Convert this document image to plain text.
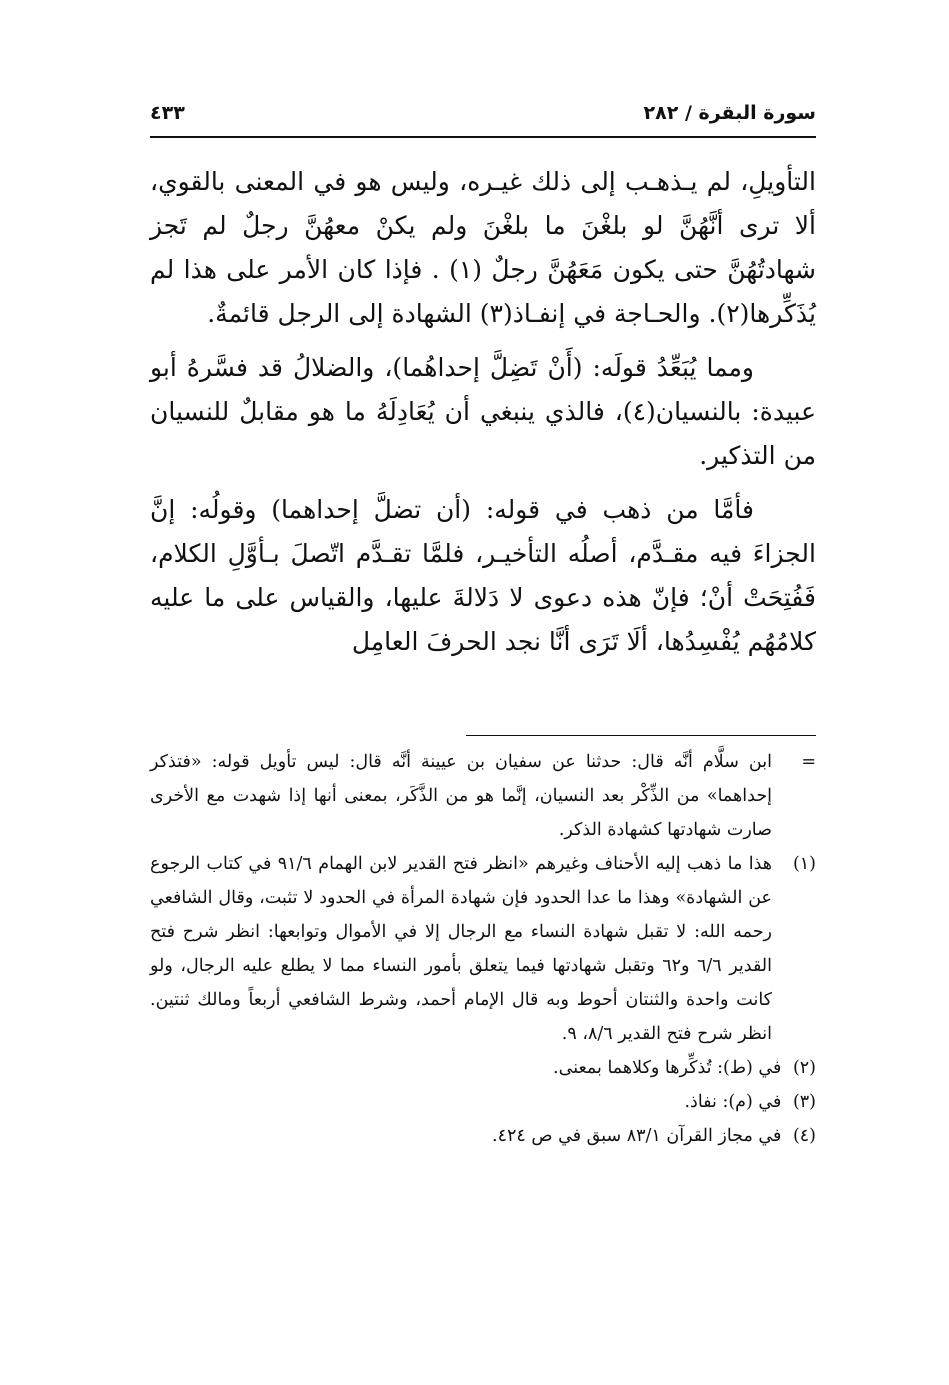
سورة البقرة / ٢٨٢
٤٣٣

التأويلِ، لم يـذهـب إلى ذلك غيـره، وليس هو في المعنى بالقوي، ألا ترى أنَّهُنَّ لو بلغْنَ ما بلغْنَ ولم يكنْ معهُنَّ رجلٌ لم تَجز شهادتُهُنَّ حتى يكون مَعَهُنَّ رجلٌ (١) . فإذا كان الأمر على هذا لم يُذَكِّرها(٢). والحـاجة في إنفـاذ(٣) الشهادة إلى الرجل قائمةٌ.

ومما يُبَعِّدُ قولَه: (أَنْ تَضِلَّ إحداهُما)، والضلالُ قد فسَّرهُ أبو عبيدة: بالنسيان(٤)، فالذي ينبغي أن يُعَادِلَهُ ما هو مقابلٌ للنسيان من التذكير.

فأمَّا من ذهب في قوله: (أن تضلَّ إحداهما) وقولُه: إنَّ الجزاءَ فيه مقـدَّم، أصلُه التأخيـر، فلمَّا تقـدَّم اتّصلَ بـأوَّلِ الكلام، فَفُتِحَتْ أنْ؛ فإنّ هذه دعوى لا دَلالةَ عليها، والقياس على ما عليه كلامُهُم يُفْسِدُها، ألَا تَرَى أنَّا نجد الحرفَ العامِل

=
ابن سلَّام أنَّه قال: حدثنا عن سفيان بن عيينة أنَّه قال: ليس تأويل قوله: «فتذكر إحداهما» من الذِّكْر بعد النسيان، إنَّما هو من الذَّكَر، بمعنى أنها إذا شهدت مع الأخرى صارت شهادتها كشهادة الذكر.
(١)
هذا ما ذهب إليه الأحناف وغيرهم «انظر فتح القدير لابن الهمام ٩١/٦ في كتاب الرجوع عن الشهادة» وهذا ما عدا الحدود فإن شهادة المرأة في الحدود لا تثبت، وقال الشافعي رحمه الله: لا تقبل شهادة النساء مع الرجال إلا في الأموال وتوابعها: انظر شرح فتح القدير ٦/٦ و٦٢ وتقبل شهادتها فيما يتعلق بأمور النساء مما لا يطلع عليه الرجال، ولو كانت واحدة والثنتان أحوط وبه قال الإمام أحمد، وشرط الشافعي أربعاً ومالك ثنتين. انظر شرح فتح القدير ٨/٦، ٩.
(٢) في (ط): تُذكِّرها وكلاهما بمعنى.
(٣) في (م): نفاذ.
(٤) في مجاز القرآن ٨٣/١ سبق في ص ٤٢٤.
